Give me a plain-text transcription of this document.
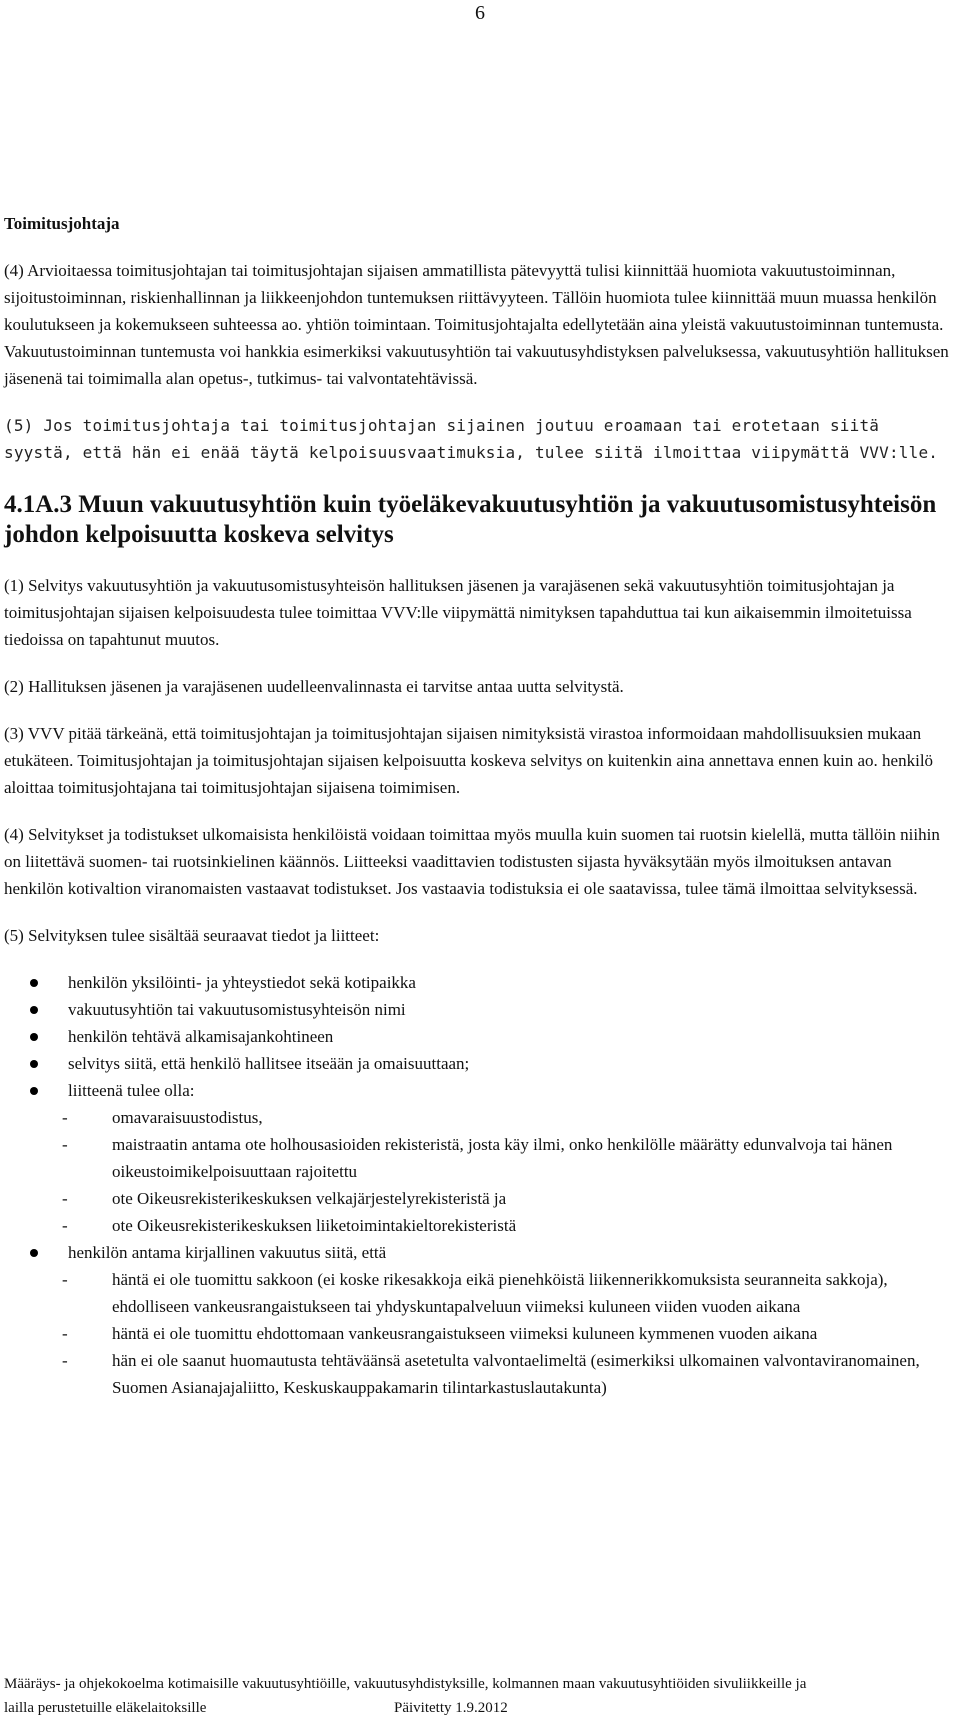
6
Toimitusjohtaja

(4) Arvioitaessa toimitusjohtajan tai toimitusjohtajan sijaisen ammatillista pätevyyttä tulisi kiinnittää huomiota vakuutustoiminnan, sijoitustoiminnan, riskienhallinnan ja liikkeenjohdon tuntemuksen riittävyyteen. Tällöin huomiota tulee kiinnittää muun muassa henkilön koulutukseen ja kokemukseen suhteessa ao. yhtiön toimintaan. Toimitusjohtajalta edellytetään aina yleistä vakuutustoiminnan tuntemusta. Vakuutustoiminnan tuntemusta voi hankkia esimerkiksi vakuutusyhtiön tai vakuutusyhdistyksen palveluksessa, vakuutusyhtiön hallituksen jäsenenä tai toimimalla alan opetus-, tutkimus- tai valvontatehtävissä.

(5) Jos toimitusjohtaja tai toimitusjohtajan sijainen joutuu eroamaan tai erotetaan siitä syystä, että hän ei enää täytä kelpoisuusvaatimuksia, tulee siitä ilmoittaa viipymättä VVV:lle.

4.1A.3 Muun vakuutusyhtiön kuin työeläkevakuutusyhtiön ja vakuutusomistusyhteisön johdon kelpoisuutta koskeva selvitys

(1) Selvitys vakuutusyhtiön ja vakuutusomistusyhteisön hallituksen jäsenen ja varajäsenen sekä vakuutusyhtiön toimitusjohtajan ja toimitusjohtajan sijaisen kelpoisuudesta tulee toimittaa VVV:lle viipymättä nimityksen tapahduttua tai kun aikaisemmin ilmoitetuissa tiedoissa on tapahtunut muutos.

(2) Hallituksen jäsenen ja varajäsenen uudelleenvalinnasta ei tarvitse antaa uutta selvitystä.

(3) VVV pitää tärkeänä, että toimitusjohtajan ja toimitusjohtajan sijaisen nimityksistä virastoa informoidaan mahdollisuuksien mukaan etukäteen. Toimitusjohtajan ja toimitusjohtajan sijaisen kelpoisuutta koskeva selvitys on kuitenkin aina annettava ennen kuin ao. henkilö aloittaa toimitusjohtajana tai toimitusjohtajan sijaisena toimimisen.

(4) Selvitykset ja todistukset ulkomaisista henkilöistä voidaan toimittaa myös muulla kuin suomen tai ruotsin kielellä, mutta tällöin niihin on liitettävä suomen- tai ruotsinkielinen käännös. Liitteeksi vaadittavien todistusten sijasta hyväksytään myös ilmoituksen antavan henkilön kotivaltion viranomaisten vastaavat todistukset. Jos vastaavia todistuksia ei ole saatavissa, tulee tämä ilmoittaa selvityksessä.

(5) Selvityksen tulee sisältää seuraavat tiedot ja liitteet:

henkilön yksilöinti- ja yhteystiedot sekä kotipaikka
vakuutusyhtiön tai vakuutusomistusyhteisön nimi
henkilön tehtävä alkamisajankohtineen
selvitys siitä, että henkilö hallitsee itseään ja omaisuuttaan;
liitteenä tulee olla:
-	omavaraisuustodistus,
-	maistraatin antama ote holhousasioiden rekisteristä, josta käy ilmi, onko henkilölle määrätty edunvalvoja tai hänen oikeustoimikelpoisuuttaan rajoitettu
-	ote Oikeusrekisterikeskuksen velkajärjestelyrekisteristä ja
-	ote Oikeusrekisterikeskuksen liiketoimintakieltorekisteristä
henkilön antama kirjallinen vakuutus siitä, että
-	häntä ei ole tuomittu sakkoon (ei koske rikesakkoja eikä pienehköistä liikennerikkomuksista seuranneita sakkoja), ehdolliseen vankeusrangaistukseen tai yhdyskuntapalveluun viimeksi kuluneen viiden vuoden aikana
-	häntä ei ole tuomittu ehdottomaan vankeusrangaistukseen viimeksi kuluneen kymmenen vuoden aikana
-	hän ei ole saanut huomautusta tehtäväänsä asetetulta valvontaelimeltä (esimerkiksi ulkomainen valvontaviranomainen, Suomen Asianajajaliitto, Keskuskauppakamarin tilintarkastuslautakunta)
Määräys- ja ohjekokoelma kotimaisille vakuutusyhtiöille, vakuutusyhdistyksille, kolmannen maan vakuutusyhtiöiden sivuliikkeille ja
lailla perustetuille eläkelaitoksille	Päivitetty 1.9.2012
